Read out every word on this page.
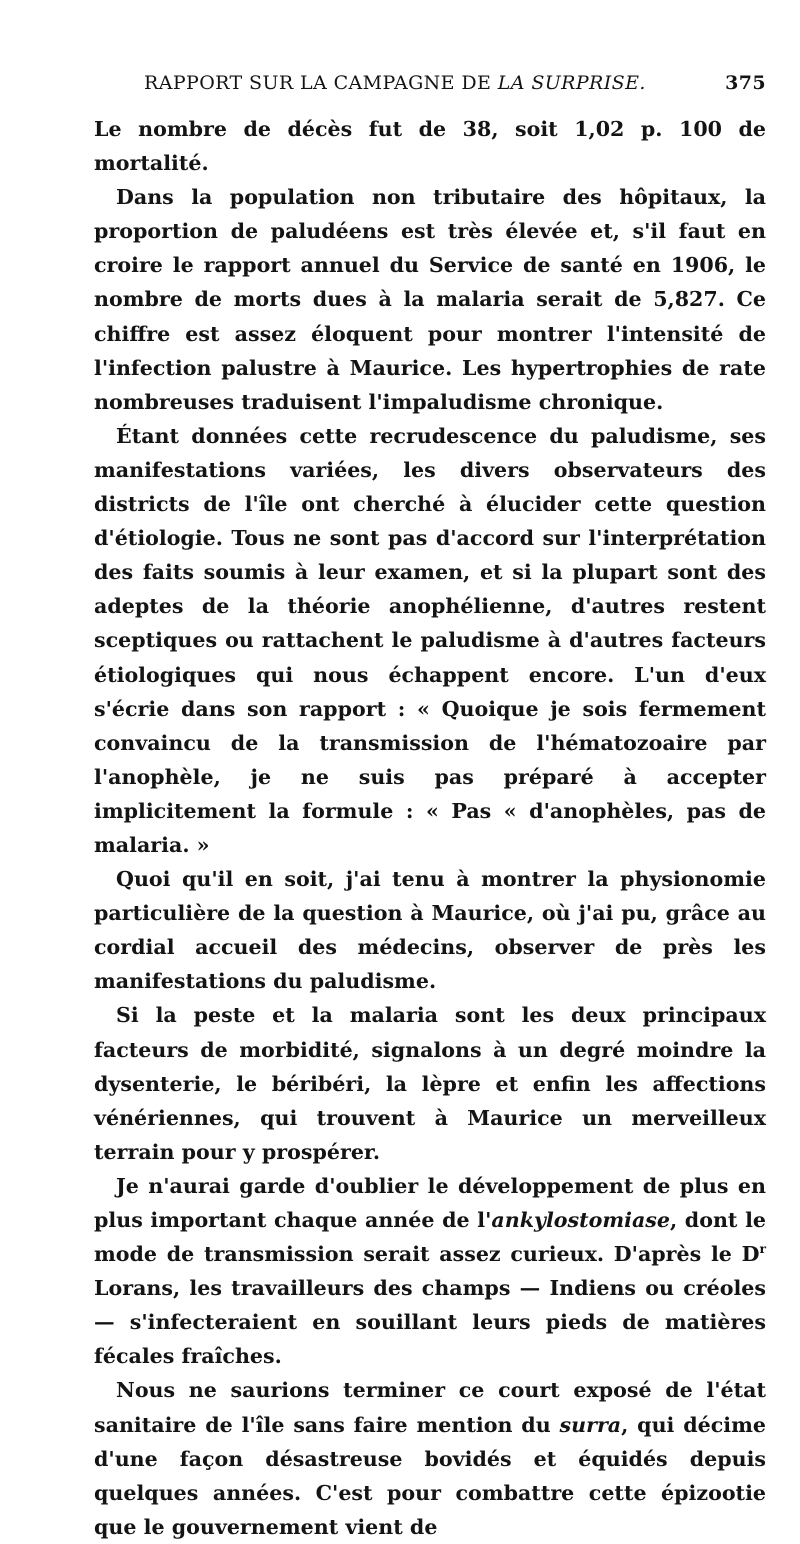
RAPPORT SUR LA CAMPAGNE DE LA SURPRISE.	375

Le nombre de décès fut de 38, soit 1,02 p. 100 de mortalité.

Dans la population non tributaire des hôpitaux, la proportion de paludéens est très élevée et, s'il faut en croire le rapport annuel du Service de santé en 1906, le nombre de morts dues à la malaria serait de 5,827. Ce chiffre est assez éloquent pour montrer l'intensité de l'infection palustre à Maurice. Les hypertrophies de rate nombreuses traduisent l'impaludisme chronique.

Étant données cette recrudescence du paludisme, ses manifestations variées, les divers observateurs des districts de l'île ont cherché à élucider cette question d'étiologie. Tous ne sont pas d'accord sur l'interprétation des faits soumis à leur examen, et si la plupart sont des adeptes de la théorie anophélienne, d'autres restent sceptiques ou rattachent le paludisme à d'autres facteurs étiologiques qui nous échappent encore. L'un d'eux s'écrie dans son rapport : « Quoique je sois fermement convaincu de la transmission de l'hématozoaire par l'anophèle, je ne suis pas préparé à accepter implicitement la formule : « Pas « d'anophèles, pas de malaria. »

Quoi qu'il en soit, j'ai tenu à montrer la physionomie particulière de la question à Maurice, où j'ai pu, grâce au cordial accueil des médecins, observer de près les manifestations du paludisme.

Si la peste et la malaria sont les deux principaux facteurs de morbidité, signalons à un degré moindre la dysenterie, le béribéri, la lèpre et enfin les affections vénériennes, qui trouvent à Maurice un merveilleux terrain pour y prospérer.

Je n'aurai garde d'oublier le développement de plus en plus important chaque année de l'ankylostomiase, dont le mode de transmission serait assez curieux. D'après le $D^r$ Lorans, les travailleurs des champs — Indiens ou créoles — s'infecteraient en souillant leurs pieds de matières fécales fraîches.

Nous ne saurions terminer ce court exposé de l'état sanitaire de l'île sans faire mention du surra, qui décime d'une façon désastreuse bovidés et équidés depuis quelques années. C'est pour combattre cette épizootie que le gouvernement vient de
